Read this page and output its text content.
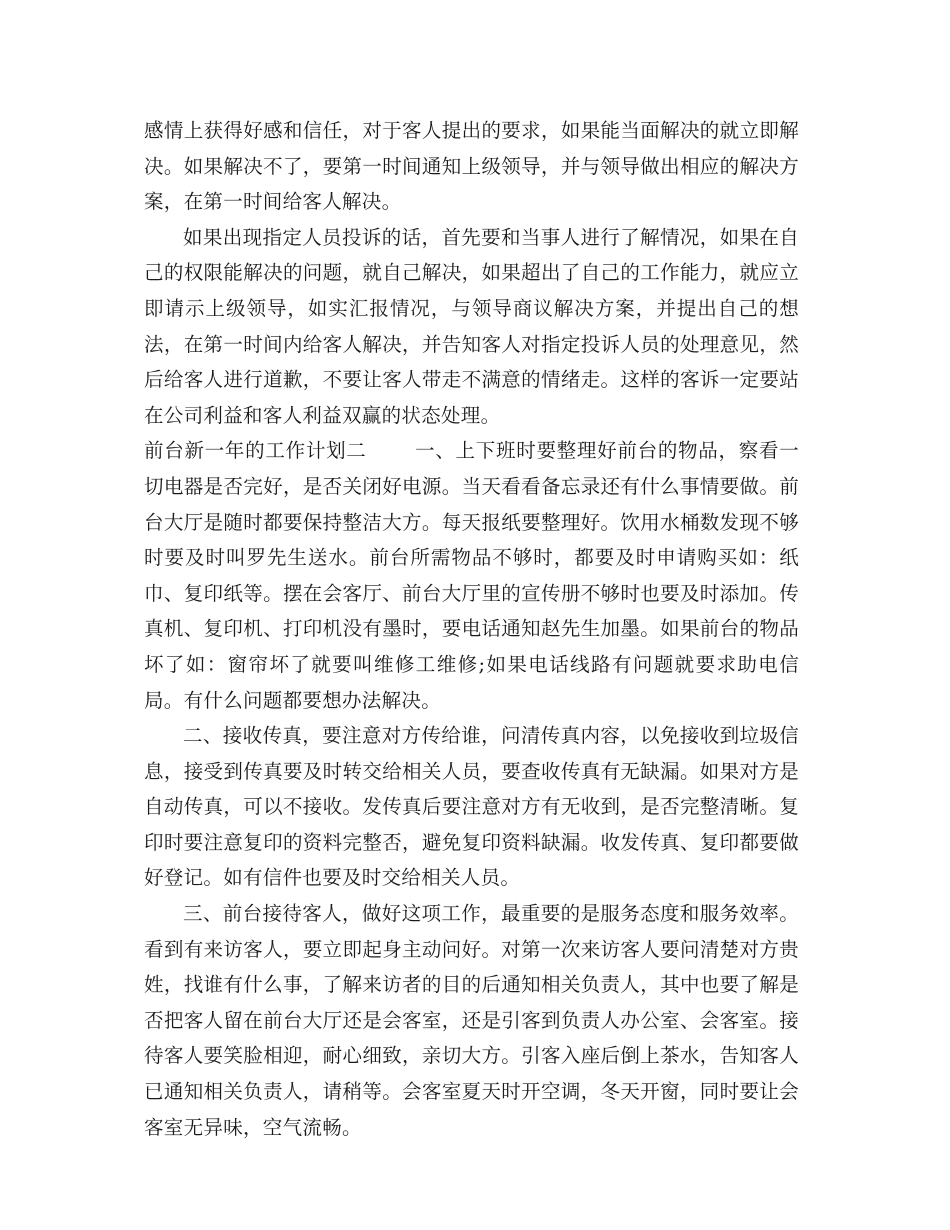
感情上获得好感和信任，对于客人提出的要求，如果能当面解决的就立即解决。如果解决不了，要第一时间通知上级领导，并与领导做出相应的解决方案，在第一时间给客人解决。

如果出现指定人员投诉的话，首先要和当事人进行了解情况，如果在自己的权限能解决的问题，就自己解决，如果超出了自己的工作能力，就应立即请示上级领导，如实汇报情况，与领导商议解决方案，并提出自己的想法，在第一时间内给客人解决，并告知客人对指定投诉人员的处理意见，然后给客人进行道歉，不要让客人带走不满意的情绪走。这样的客诉一定要站在公司利益和客人利益双赢的状态处理。

前台新一年的工作计划二 一、上下班时要整理好前台的物品，察看一切电器是否完好，是否关闭好电源。当天看看备忘录还有什么事情要做。前台大厅是随时都要保持整洁大方。每天报纸要整理好。饮用水桶数发现不够时要及时叫罗先生送水。前台所需物品不够时，都要及时申请购买如：纸巾、复印纸等。摆在会客厅、前台大厅里的宣传册不够时也要及时添加。传真机、复印机、打印机没有墨时，要电话通知赵先生加墨。如果前台的物品坏了如：窗帘坏了就要叫维修工维修;如果电话线路有问题就要求助电信局。有什么问题都要想办法解决。

二、接收传真，要注意对方传给谁，问清传真内容，以免接收到垃圾信息，接受到传真要及时转交给相关人员，要查收传真有无缺漏。如果对方是自动传真，可以不接收。发传真后要注意对方有无收到，是否完整清晰。复印时要注意复印的资料完整否，避免复印资料缺漏。收发传真、复印都要做好登记。如有信件也要及时交给相关人员。

三、前台接待客人，做好这项工作，最重要的是服务态度和服务效率。看到有来访客人，要立即起身主动问好。对第一次来访客人要问清楚对方贵姓，找谁有什么事，了解来访者的目的后通知相关负责人，其中也要了解是否把客人留在前台大厅还是会客室，还是引客到负责人办公室、会客室。接待客人要笑脸相迎，耐心细致，亲切大方。引客入座后倒上茶水，告知客人已通知相关负责人，请稍等。会客室夏天时开空调，冬天开窗，同时要让会客室无异味，空气流畅。
